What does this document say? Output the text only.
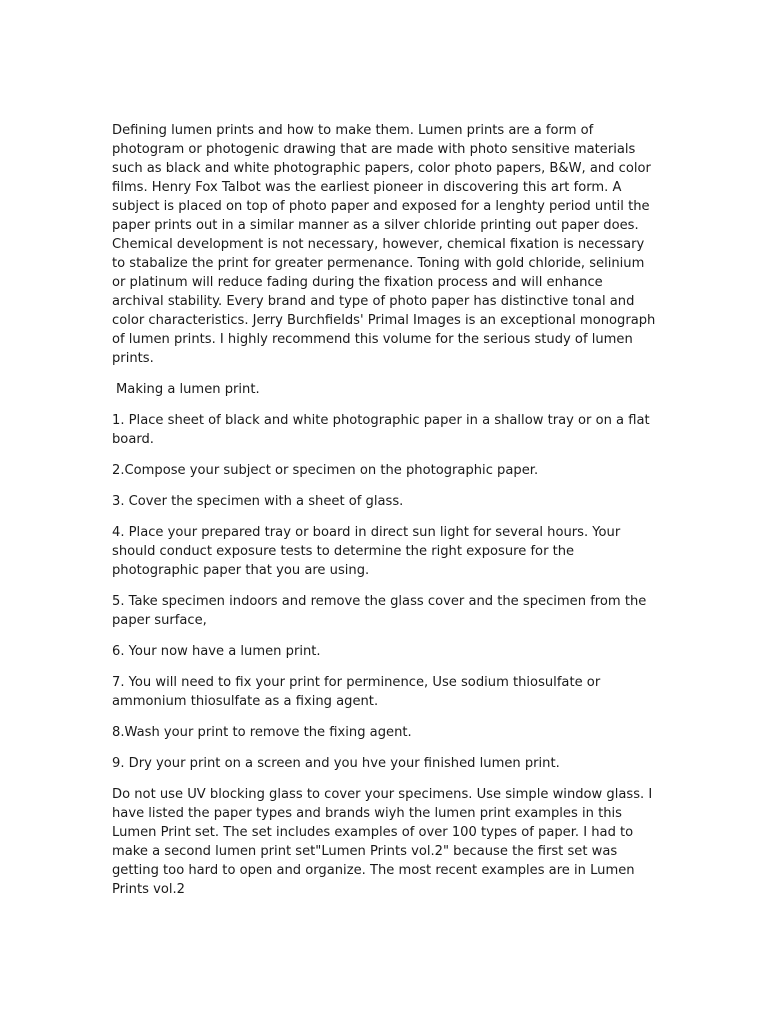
Defining lumen prints and how to make them. Lumen prints are a form of photogram or photogenic drawing that are made with photo sensitive materials such as black and white photographic papers, color photo papers, B&W, and color films. Henry Fox Talbot was the earliest pioneer in discovering this art form. A subject is placed on top of photo paper and exposed for a lenghty period until the paper prints out in a similar manner as a silver chloride printing out paper does. Chemical development is not necessary, however, chemical fixation is necessary to stabalize the print for greater permenance. Toning with gold chloride, selinium or platinum will reduce fading during the fixation process and will enhance archival stability. Every brand and type of photo paper has distinctive tonal and color characteristics. Jerry Burchfields' Primal Images is an exceptional monograph of lumen prints. I highly recommend this volume for the serious study of lumen prints.

Making a lumen print.

1. Place sheet of black and white photographic paper in a shallow tray or on a flat board.
2.Compose your subject or specimen on the photographic paper.
3. Cover the specimen with a sheet of glass.
4. Place your prepared tray or board in direct sun light for several hours. Your should conduct exposure tests to determine the right exposure for the photographic paper that you are using.
5. Take specimen indoors and remove the glass cover and the specimen from the paper surface,
6. Your now have a lumen print.
7. You will need to fix your print for perminence, Use sodium thiosulfate or ammonium thiosulfate as a fixing agent.
8.Wash your print to remove the fixing agent.
9. Dry your print on a screen and you hve your finished lumen print.

Do not use UV blocking glass to cover your specimens. Use simple window glass. I have listed the paper types and brands wiyh the lumen print examples in this Lumen Print set. The set includes examples of over 100 types of paper. I had to make a second lumen print set"Lumen Prints vol.2" because the first set was getting too hard to open and organize. The most recent examples are in Lumen Prints vol.2
